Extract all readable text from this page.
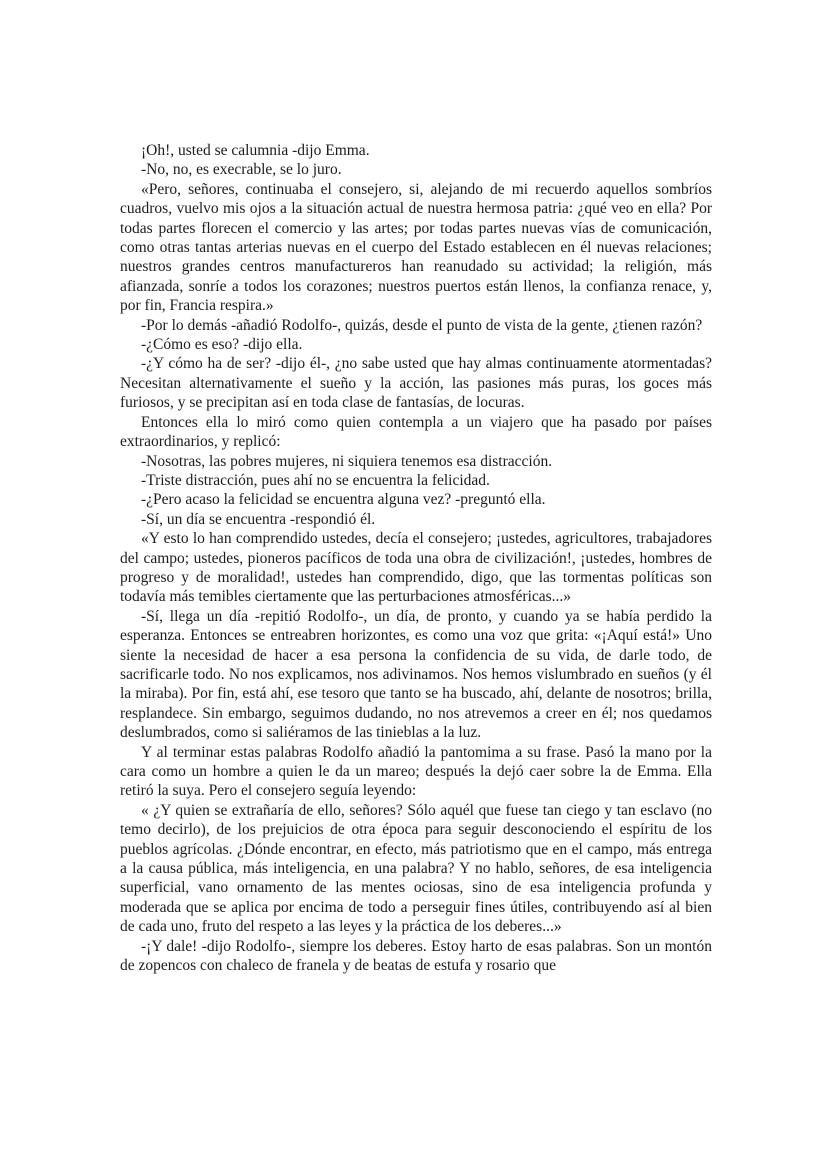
¡Oh!, usted se calumnia -dijo Emma.

-No, no, es execrable, se lo juro.

«Pero, señores, continuaba el consejero, si, alejando de mi recuerdo aquellos sombríos cuadros, vuelvo mis ojos a la situación actual de nuestra hermosa patria: ¿qué veo en ella? Por todas partes florecen el comercio y las artes; por todas partes nuevas vías de comunicación, como otras tantas arterias nuevas en el cuerpo del Estado establecen en él nuevas relaciones; nuestros grandes centros manufactureros han reanudado su actividad; la religión, más afianzada, sonríe a todos los corazones; nuestros puertos están llenos, la confianza renace, y, por fin, Francia respira.»

-Por lo demás -añadió Rodolfo-, quizás, desde el punto de vista de la gente, ¿tienen razón?

-¿Cómo es eso? -dijo ella.

-¿Y cómo ha de ser? -dijo él-, ¿no sabe usted que hay almas continuamente atormentadas? Necesitan alternativamente el sueño y la acción, las pasiones más puras, los goces más furiosos, y se precipitan así en toda clase de fantasías, de locuras.

Entonces ella lo miró como quien contempla a un viajero que ha pasado por países extraordinarios, y replicó:

-Nosotras, las pobres mujeres, ni siquiera tenemos esa distracción.

-Triste distracción, pues ahí no se encuentra la felicidad.

-¿Pero acaso la felicidad se encuentra alguna vez? -preguntó ella.

-Sí, un día se encuentra -respondió él.

«Y esto lo han comprendido ustedes, decía el consejero; ¡ustedes, agricultores, trabajadores del campo; ustedes, pioneros pacíficos de toda una obra de civilización!, ¡ustedes, hombres de progreso y de moralidad!, ustedes han comprendido, digo, que las tormentas políticas son todavía más temibles ciertamente que las perturbaciones atmosféricas...»

-Sí, llega un día -repitió Rodolfo-, un día, de pronto, y cuando ya se había perdido la esperanza. Entonces se entreabren horizontes, es como una voz que grita: «¡Aquí está!» Uno siente la necesidad de hacer a esa persona la confidencia de su vida, de darle todo, de sacrificarle todo. No nos explicamos, nos adivinamos. Nos hemos vislumbrado en sueños (y él la miraba). Por fin, está ahí, ese tesoro que tanto se ha buscado, ahí, delante de nosotros; brilla, resplandece. Sin embargo, seguimos dudando, no nos atrevemos a creer en él; nos quedamos deslumbrados, como si saliéramos de las tinieblas a la luz.

Y al terminar estas palabras Rodolfo añadió la pantomima a su frase. Pasó la mano por la cara como un hombre a quien le da un mareo; después la dejó caer sobre la de Emma. Ella retiró la suya. Pero el consejero seguía leyendo:

« ¿Y quien se extrañaría de ello, señores? Sólo aquél que fuese tan ciego y tan esclavo (no temo decirlo), de los prejuicios de otra época para seguir desconociendo el espíritu de los pueblos agrícolas. ¿Dónde encontrar, en efecto, más patriotismo que en el campo, más entrega a la causa pública, más inteligencia, en una palabra? Y no hablo, señores, de esa inteligencia superficial, vano ornamento de las mentes ociosas, sino de esa inteligencia profunda y moderada que se aplica por encima de todo a perseguir fines útiles, contribuyendo así al bien de cada uno, fruto del respeto a las leyes y la práctica de los deberes...»

-¡Y dale! -dijo Rodolfo-, siempre los deberes. Estoy harto de esas palabras. Son un montón de zopencos con chaleco de franela y de beatas de estufa y rosario que
